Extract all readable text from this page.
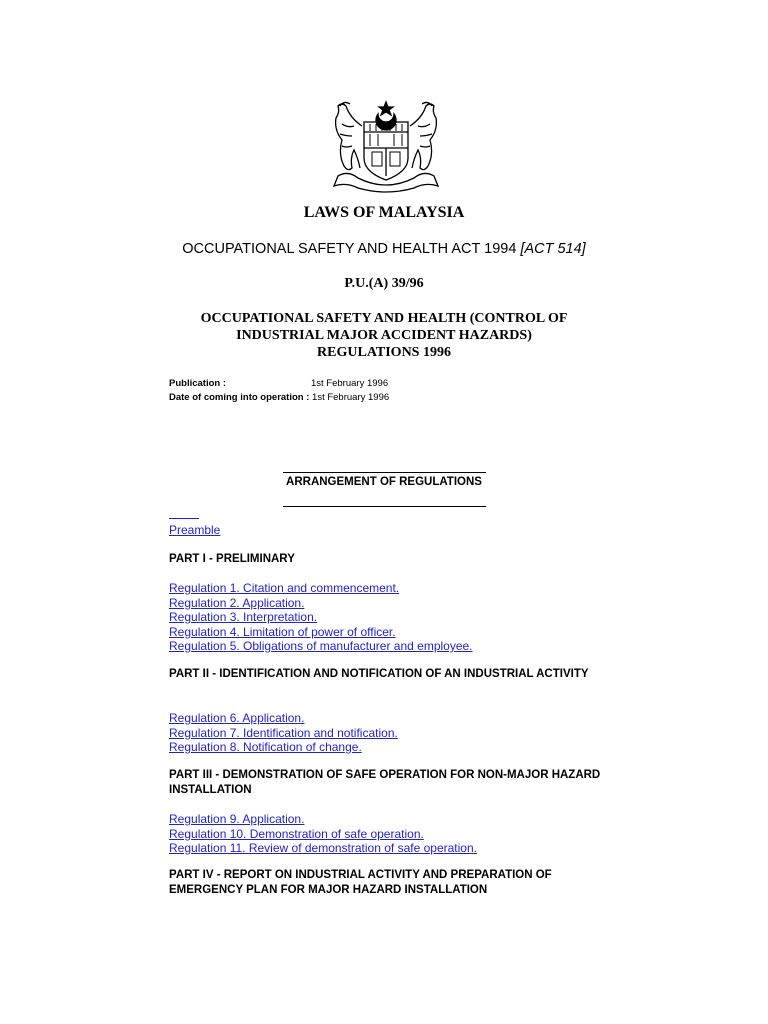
LAWS OF MALAYSIA
OCCUPATIONAL SAFETY AND HEALTH ACT 1994 [ACT 514]
P.U.(A) 39/96
OCCUPATIONAL SAFETY AND HEALTH (CONTROL OF
INDUSTRIAL MAJOR ACCIDENT HAZARDS)
REGULATIONS 1996
Publication :	1st February 1996
Date of coming into operation : 1st February 1996
ARRANGEMENT OF REGULATIONS
Preamble
PART I - PRELIMINARY
Regulation 1. Citation and commencement.
Regulation 2. Application.
Regulation 3. Interpretation.
Regulation 4. Limitation of power of officer.
Regulation 5. Obligations of manufacturer and employee.
PART II - IDENTIFICATION AND NOTIFICATION OF AN INDUSTRIAL ACTIVITY
Regulation 6. Application.
Regulation 7. Identification and notification.
Regulation 8. Notification of change.
PART III - DEMONSTRATION OF SAFE OPERATION FOR NON-MAJOR HAZARD INSTALLATION
Regulation 9. Application.
Regulation 10. Demonstration of safe operation.
Regulation 11. Review of demonstration of safe operation.
PART IV - REPORT ON INDUSTRIAL ACTIVITY AND PREPARATION OF EMERGENCY PLAN FOR MAJOR HAZARD INSTALLATION
